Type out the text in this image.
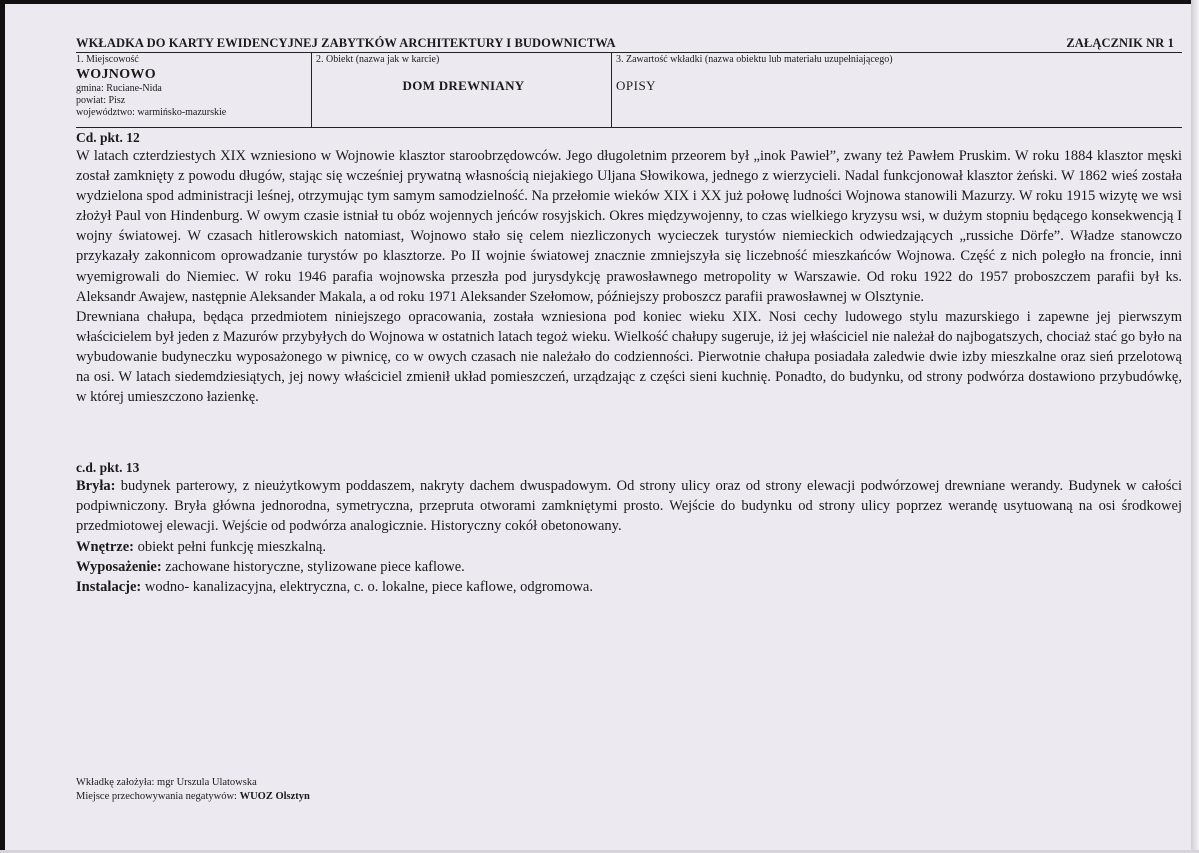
WKŁADKA DO KARTY EWIDENCYJNEJ ZABYTKÓW ARCHITEKTURY I BUDOWNICTWA	ZAŁĄCZNIK NR 1
1. Miejscowość
WOJNOWO
gmina: Ruciane-Nida
powiat: Pisz
województwo: warmińsko-mazurskie
2. Obiekt (nazwa jak w karcie)
DOM DREWNIANY
3. Zawartość wkładki (nazwa obiektu lub materiału uzupełniającego)
OPISY
Cd. pkt. 12

W latach czterdziestych XIX wzniesiono w Wojnowie klasztor staroobrzędowców. Jego długoletnim przeorem był „inok Pawieł”, zwany też Pawłem Pruskim. W roku 1884 klasztor męski został zamknięty z powodu długów, stając się wcześniej prywatną własnością niejakiego Uljana Słowikowa, jednego z wierzycieli. Nadal funkcjonował klasztor żeński. W 1862 wieś została wydzielona spod administracji leśnej, otrzymując tym samym samodzielność. Na przełomie wieków XIX i XX już połowę ludności Wojnowa stanowili Mazurzy. W roku 1915 wizytę we wsi złożył Paul von Hindenburg. W owym czasie istniał tu obóz wojennych jeńców rosyjskich. Okres międzywojenny, to czas wielkiego kryzysu wsi, w dużym stopniu będącego konsekwencją I wojny światowej. W czasach hitlerowskich natomiast, Wojnowo stało się celem niezliczonych wycieczek turystów niemieckich odwiedzających „russiche Dörfe”. Władze stanowczo przykazały zakonnicom oprowadzanie turystów po klasztorze. Po II wojnie światowej znacznie zmniejszyła się liczebność mieszkańców Wojnowa. Część z nich poległo na froncie, inni wyemigrowali do Niemiec. W roku 1946 parafia wojnowska przeszła pod jurysdykcję prawosławnego metropolity w Warszawie. Od roku 1922 do 1957 proboszczem parafii był ks. Aleksandr Awajew, następnie Aleksander Makala, a od roku 1971 Aleksander Szełomow, późniejszy proboszcz parafii prawosławnej w Olsztynie.

Drewniana chałupa, będąca przedmiotem niniejszego opracowania, została wzniesiona pod koniec wieku XIX. Nosi cechy ludowego stylu mazurskiego i zapewne jej pierwszym właścicielem był jeden z Mazurów przybyłych do Wojnowa w ostatnich latach tegoż wieku. Wielkość chałupy sugeruje, iż jej właściciel nie należał do najbogatszych, chociaż stać go było na wybudowanie budyneczku wyposażonego w piwnicę, co w owych czasach nie należało do codzienności. Pierwotnie chałupa posiadała zaledwie dwie izby mieszkalne oraz sień przelotową na osi. W latach siedemdziesiątych, jej nowy właściciel zmienił układ pomieszczeń, urządzając z części sieni kuchnię. Ponadto, do budynku, od strony podwórza dostawiono przybudówkę, w której umieszczono łazienkę.

c.d. pkt. 13

Bryła: budynek parterowy, z nieużytkowym poddaszem, nakryty dachem dwuspadowym. Od strony ulicy oraz od strony elewacji podwórzowej drewniane werandy. Budynek w całości podpiwniczony. Bryła główna jednorodna, symetryczna, przepruta otworami zamkniętymi prosto. Wejście do budynku od strony ulicy poprzez werandę usytuowaną na osi środkowej przedmiotowej elewacji. Wejście od podwórza analogicznie. Historyczny cokół obetonowany.

Wnętrze: obiekt pełni funkcję mieszkalną.

Wyposażenie: zachowane historyczne, stylizowane piece kaflowe.

Instalacje: wodno- kanalizacyjna, elektryczna, c. o. lokalne, piece kaflowe, odgromowa.

Wkładkę założyła: mgr Urszula Ulatowska
Miejsce przechowywania negatywów: WUOZ Olsztyn
